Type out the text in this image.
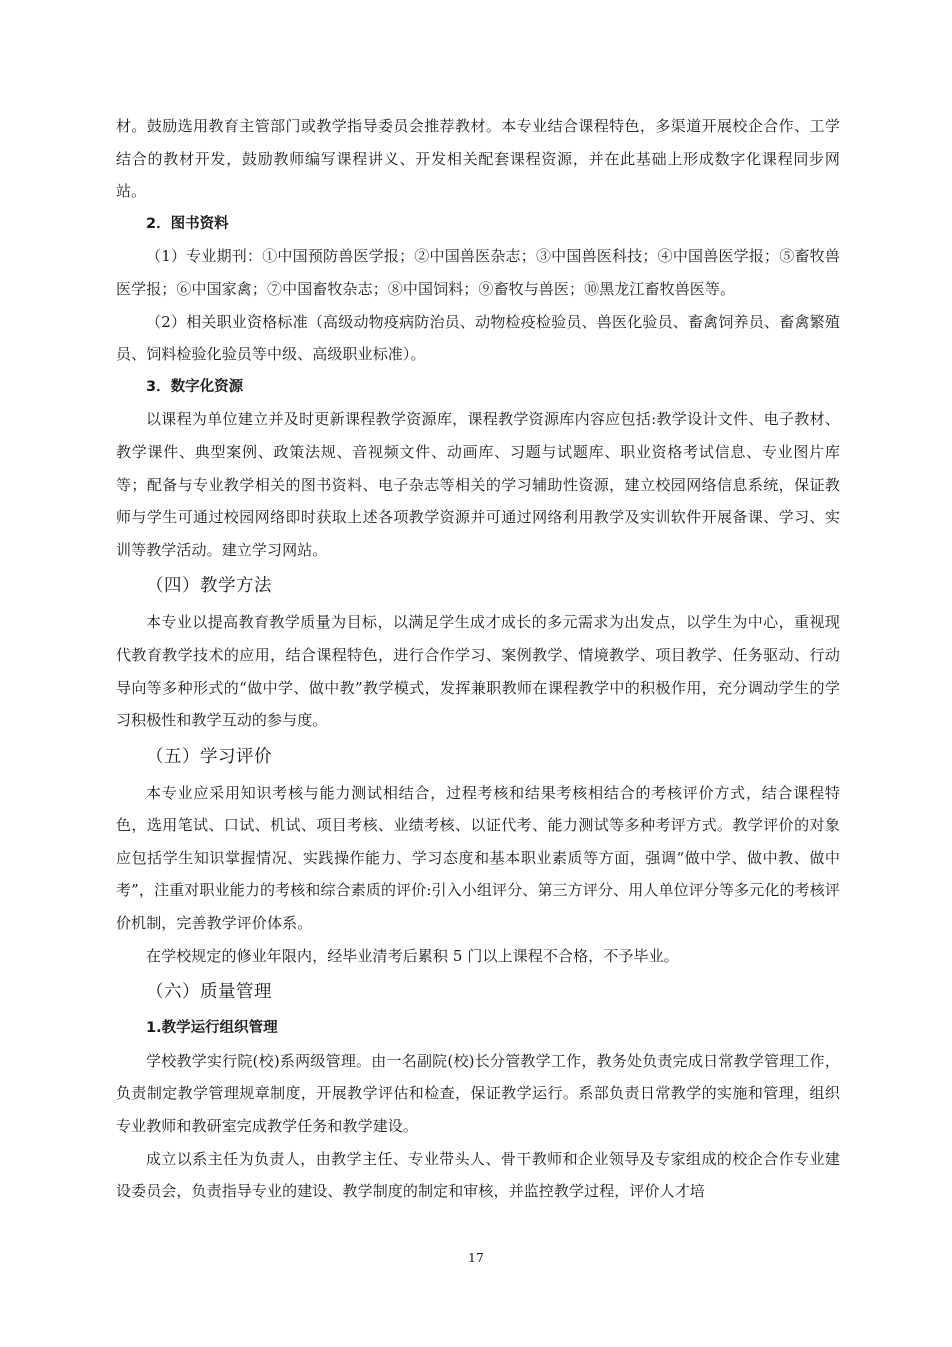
材。鼓励选用教育主管部门或教学指导委员会推荐教材。本专业结合课程特色，多渠道开展校企合作、工学结合的教材开发，鼓励教师编写课程讲义、开发相关配套课程资源，并在此基础上形成数字化课程同步网站。

2．图书资料

（1）专业期刊：①中国预防兽医学报；②中国兽医杂志；③中国兽医科技；④中国兽医学报；⑤畜牧兽医学报；⑥中国家禽；⑦中国畜牧杂志；⑧中国饲料；⑨畜牧与兽医；⑩黑龙江畜牧兽医等。

（2）相关职业资格标准（高级动物疫病防治员、动物检疫检验员、兽医化验员、畜禽饲养员、畜禽繁殖员、饲料检验化验员等中级、高级职业标准）。

3．数字化资源

以课程为单位建立并及时更新课程教学资源库，课程教学资源库内容应包括:教学设计文件、电子教材、教学课件、典型案例、政策法规、音视频文件、动画库、习题与试题库、职业资格考试信息、专业图片库等；配备与专业教学相关的图书资料、电子杂志等相关的学习辅助性资源，建立校园网络信息系统，保证教师与学生可通过校园网络即时获取上述各项教学资源并可通过网络利用教学及实训软件开展备课、学习、实训等教学活动。建立学习网站。

（四）教学方法

本专业以提高教育教学质量为目标，以满足学生成才成长的多元需求为出发点，以学生为中心，重视现代教育教学技术的应用，结合课程特色，进行合作学习、案例教学、情境教学、项目教学、任务驱动、行动导向等多种形式的“做中学、做中教”教学模式，发挥兼职教师在课程教学中的积极作用，充分调动学生的学习积极性和教学互动的参与度。

（五）学习评价

本专业应采用知识考核与能力测试相结合，过程考核和结果考核相结合的考核评价方式，结合课程特色，选用笔试、口试、机试、项目考核、业绩考核、以证代考、能力测试等多种考评方式。教学评价的对象应包括学生知识掌握情况、实践操作能力、学习态度和基本职业素质等方面，强调“做中学、做中教、做中考”，注重对职业能力的考核和综合素质的评价:引入小组评分、第三方评分、用人单位评分等多元化的考核评价机制，完善教学评价体系。

在学校规定的修业年限内，经毕业清考后累积 5 门以上课程不合格，不予毕业。

（六）质量管理

1.教学运行组织管理

学校教学实行院(校)系两级管理。由一名副院(校)长分管教学工作，教务处负责完成日常教学管理工作，负责制定教学管理规章制度，开展教学评估和检查，保证教学运行。系部负责日常教学的实施和管理，组织专业教师和教研室完成教学任务和教学建设。

成立以系主任为负责人，由教学主任、专业带头人、骨干教师和企业领导及专家组成的校企合作专业建设委员会，负责指导专业的建设、教学制度的制定和审核，并监控教学过程，评价人才培

17
